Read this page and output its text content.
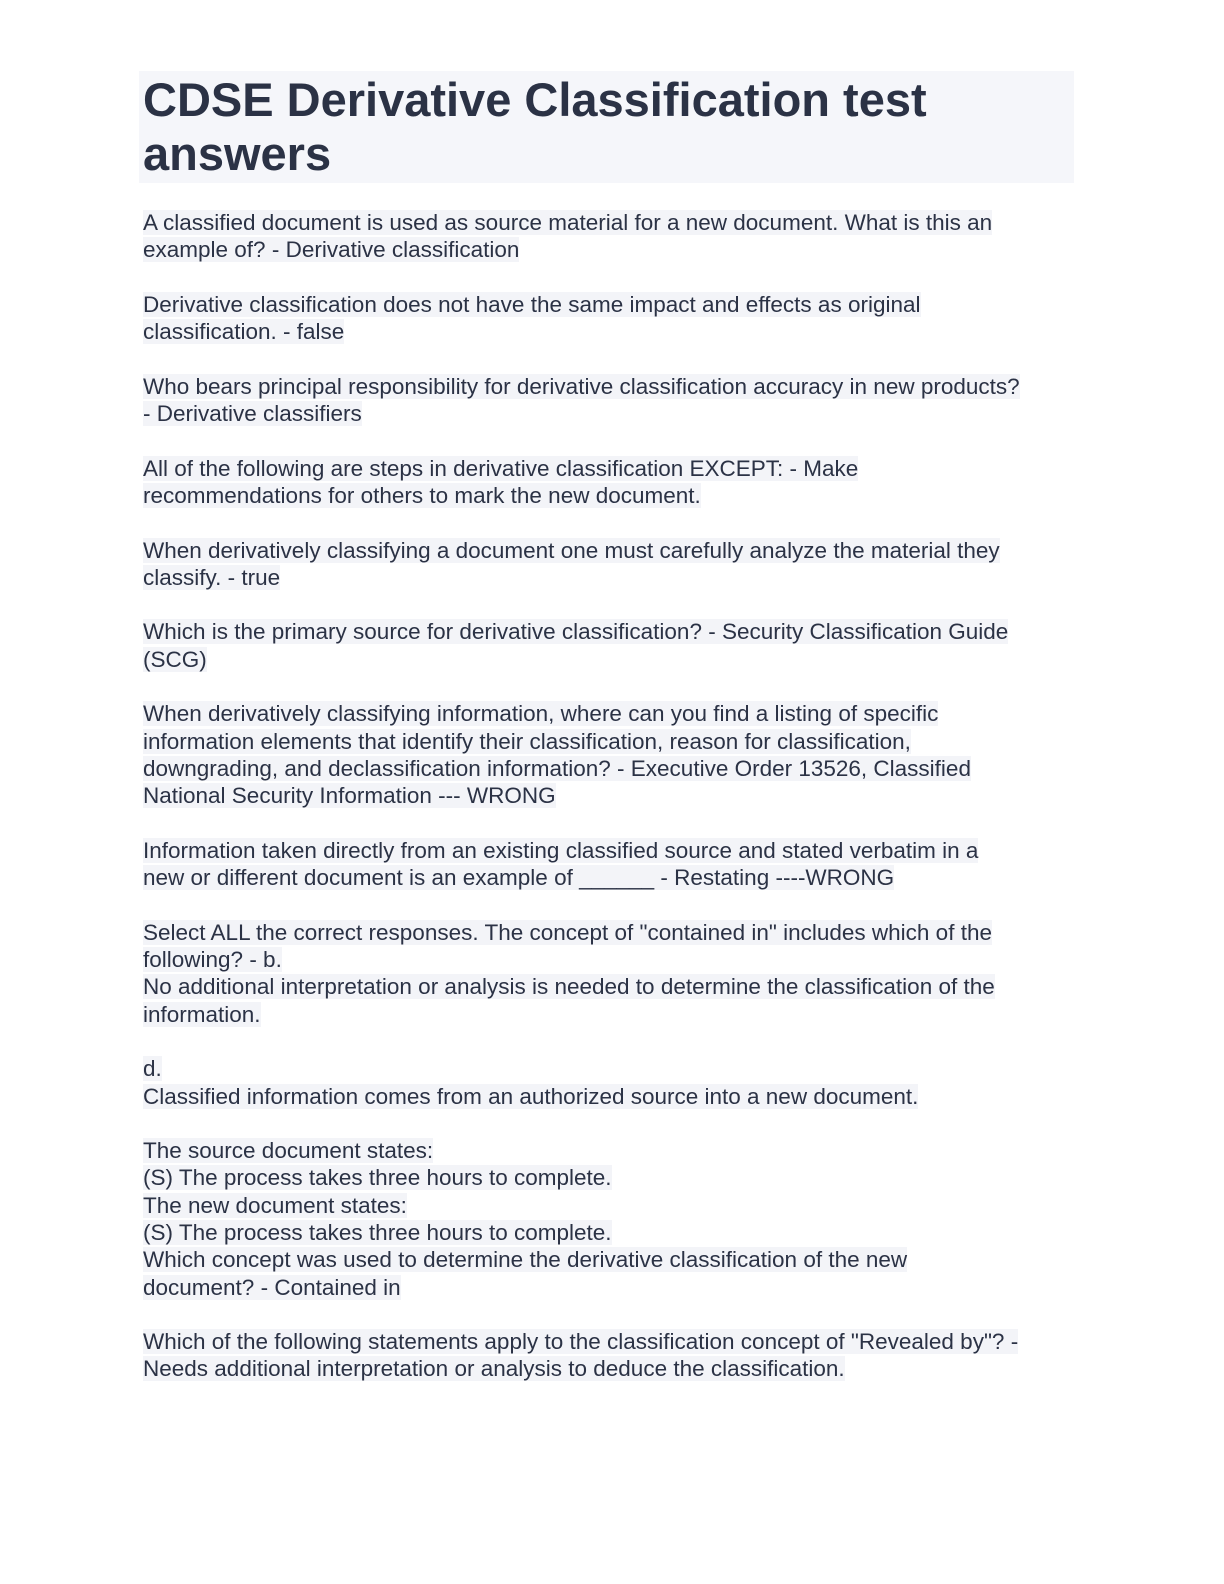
CDSE Derivative Classification test answers
A classified document is used as source material for a new document. What is this an
example of? - Derivative classification
Derivative classification does not have the same impact and effects as original
classification. - false
Who bears principal responsibility for derivative classification accuracy in new products?
- Derivative classifiers
All of the following are steps in derivative classification EXCEPT: - Make
recommendations for others to mark the new document.
When derivatively classifying a document one must carefully analyze the material they
classify. - true
Which is the primary source for derivative classification? - Security Classification Guide
(SCG)
When derivatively classifying information, where can you find a listing of specific
information elements that identify their classification, reason for classification,
downgrading, and declassification information? - Executive Order 13526, Classified
National Security Information --- WRONG
Information taken directly from an existing classified source and stated verbatim in a
new or different document is an example of ______ - Restating ----WRONG
Select ALL the correct responses. The concept of "contained in" includes which of the
following? - b.
No additional interpretation or analysis is needed to determine the classification of the
information.
d.
Classified information comes from an authorized source into a new document.
The source document states:
(S) The process takes three hours to complete.
The new document states:
(S) The process takes three hours to complete.
Which concept was used to determine the derivative classification of the new
document? - Contained in
Which of the following statements apply to the classification concept of "Revealed by"? -
Needs additional interpretation or analysis to deduce the classification.
